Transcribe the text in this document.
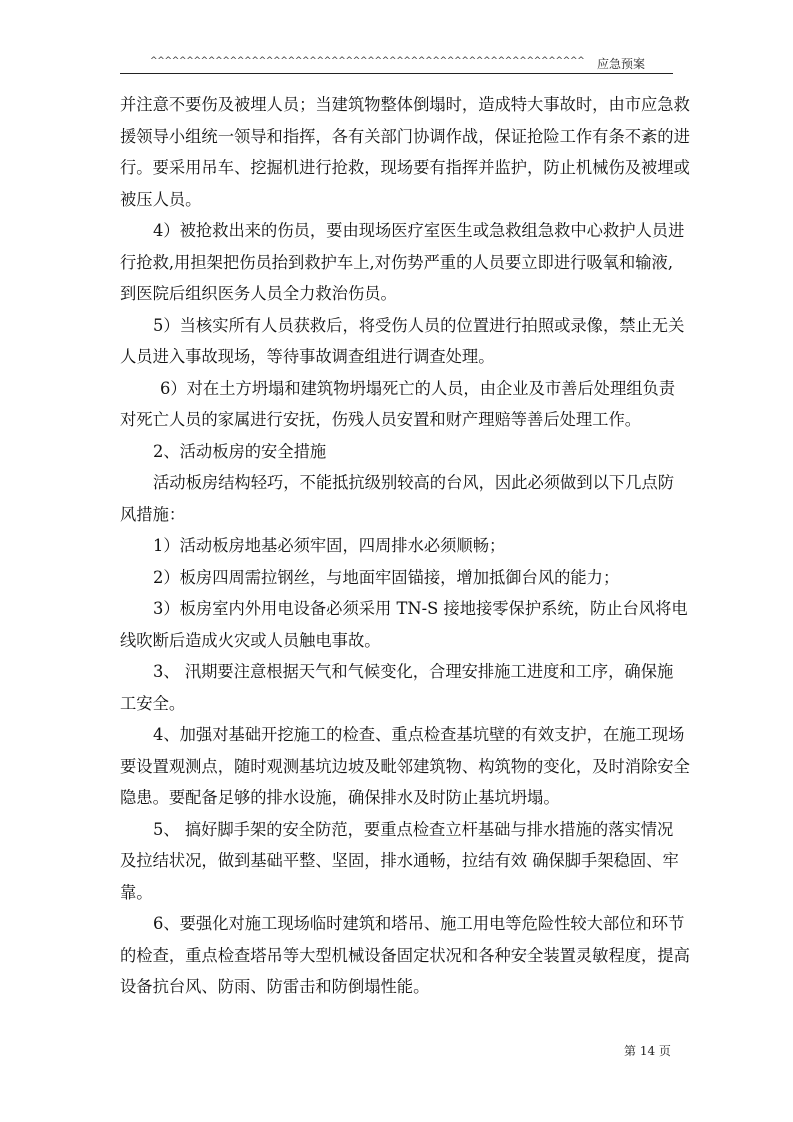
^^^^^^^^^^^^^^^^^^^^^^^^^^^^^^^^^^^^^^^^^^^^^^^^^^^^^^^^^^^^ 应急预案
并注意不要伤及被埋人员；当建筑物整体倒塌时，造成特大事故时，由市应急救
援领导小组统一领导和指挥，各有关部门协调作战，保证抢险工作有条不紊的进
行。要采用吊车、挖掘机进行抢救，现场要有指挥并监护，防止机械伤及被埋或
被压人员。
4）被抢救出来的伤员，要由现场医疗室医生或急救组急救中心救护人员进
行抢救,用担架把伤员抬到救护车上,对伤势严重的人员要立即进行吸氧和输液,
到医院后组织医务人员全力救治伤员。
5）当核实所有人员获救后，将受伤人员的位置进行拍照或录像，禁止无关
人员进入事故现场，等待事故调查组进行调查处理。
6）对在土方坍塌和建筑物坍塌死亡的人员，由企业及市善后处理组负责
对死亡人员的家属进行安抚，伤残人员安置和财产理赔等善后处理工作。
2、活动板房的安全措施
活动板房结构轻巧，不能抵抗级别较高的台风，因此必须做到以下几点防
风措施：
1）活动板房地基必须牢固，四周排水必须顺畅；
2）板房四周需拉钢丝，与地面牢固锚接，增加抵御台风的能力；
3）板房室内外用电设备必须采用 TN-S 接地接零保护系统，防止台风将电
线吹断后造成火灾或人员触电事故。
3、 汛期要注意根据天气和气候变化，合理安排施工进度和工序，确保施
工安全。
4、加强对基础开挖施工的检查、重点检查基坑壁的有效支护，在施工现场
要设置观测点，随时观测基坑边坡及毗邻建筑物、构筑物的变化，及时消除安全
隐患。要配备足够的排水设施，确保排水及时防止基坑坍塌。
5、 搞好脚手架的安全防范，要重点检查立杆基础与排水措施的落实情况
及拉结状况，做到基础平整、坚固，排水通畅，拉结有效 确保脚手架稳固、牢
靠。
6、要强化对施工现场临时建筑和塔吊、施工用电等危险性较大部位和环节
的检查，重点检查塔吊等大型机械设备固定状况和各种安全装置灵敏程度，提高
设备抗台风、防雨、防雷击和防倒塌性能。
第 14 页
